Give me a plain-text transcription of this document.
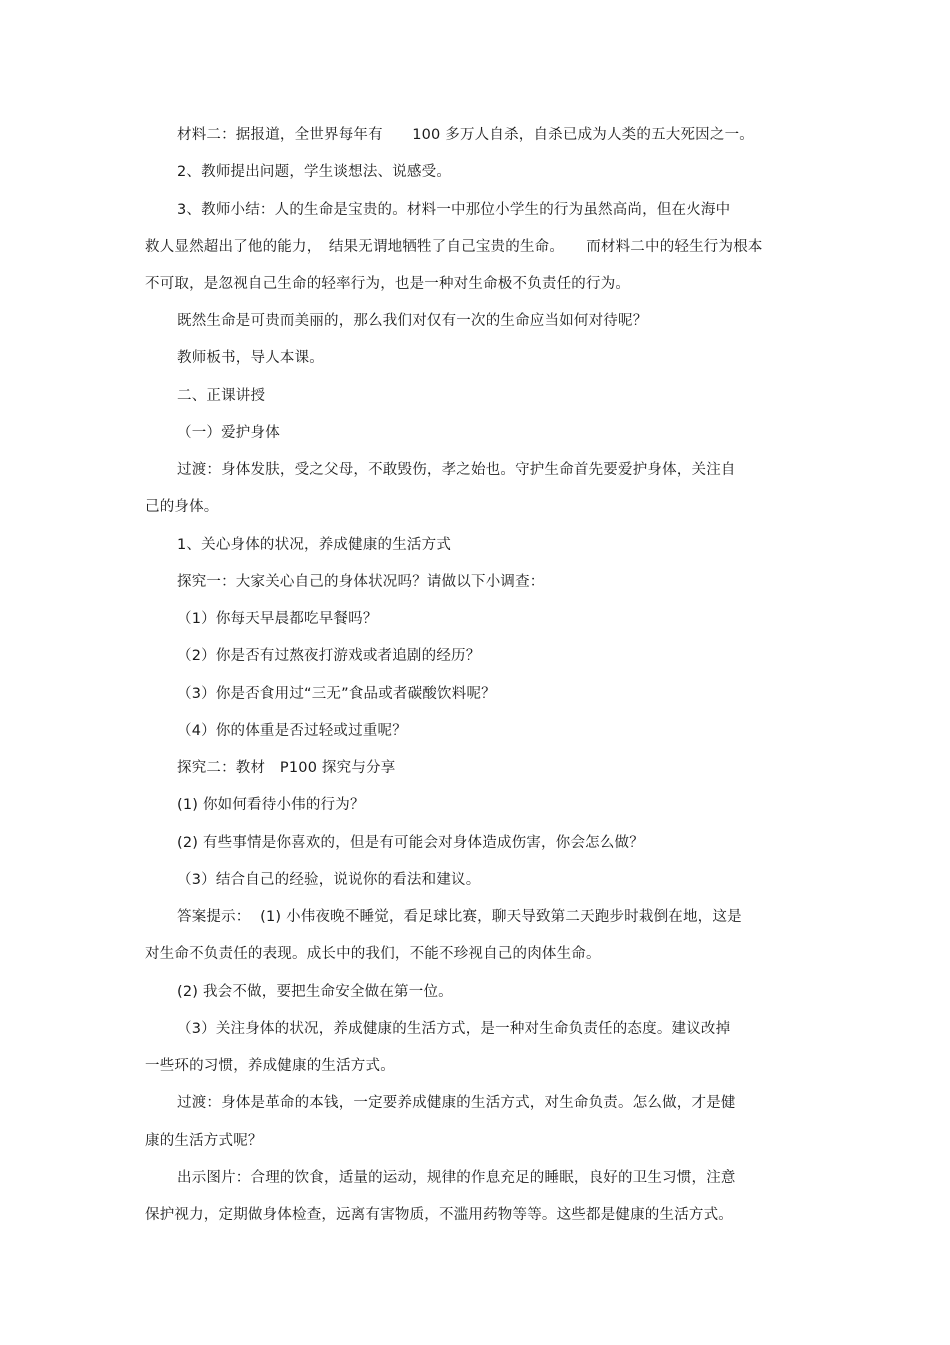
材料二：据报道，全世界每年有　　100 多万人自杀，自杀已成为人类的五大死因之一。
2、教师提出问题，学生谈想法、说感受。
3、教师小结：人的生命是宝贵的。材料一中那位小学生的行为虽然高尚，但在火海中
救人显然超出了他的能力，　结果无谓地牺牲了自己宝贵的生命。　　而材料二中的轻生行为根本
不可取，是忽视自己生命的轻率行为，也是一种对生命极不负责任的行为。
既然生命是可贵而美丽的，那么我们对仅有一次的生命应当如何对待呢？
教师板书，导人本课。
二、正课讲授
（一）爱护身体
过渡：身体发肤，受之父母，不敢毁伤，孝之始也。守护生命首先要爱护身体，关注自
己的身体。
1、关心身体的状况，养成健康的生活方式
探究一：大家关心自己的身体状况吗？请做以下小调查：
（1）你每天早晨都吃早餐吗？
（2）你是否有过熬夜打游戏或者追剧的经历？
（3）你是否食用过“三无”食品或者碳酸饮料呢？
（4）你的体重是否过轻或过重呢？
探究二：教材　P100 探究与分享
(1) 你如何看待小伟的行为？
(2) 有些事情是你喜欢的，但是有可能会对身体造成伤害，你会怎么做？
（3）结合自己的经验，说说你的看法和建议。
答案提示：  (1) 小伟夜晚不睡觉，看足球比赛，聊天导致第二天跑步时栽倒在地，这是
对生命不负责任的表现。成长中的我们，不能不珍视自己的肉体生命。
(2) 我会不做，要把生命安全做在第一位。
（3）关注身体的状况，养成健康的生活方式，是一种对生命负责任的态度。建议改掉
一些环的习惯，养成健康的生活方式。
过渡：身体是革命的本钱，一定要养成健康的生活方式，对生命负责。怎么做，才是健
康的生活方式呢？
出示图片：合理的饮食，适量的运动，规律的作息充足的睡眠，良好的卫生习惯，注意
保护视力，定期做身体检查，远离有害物质，不滥用药物等等。这些都是健康的生活方式。
